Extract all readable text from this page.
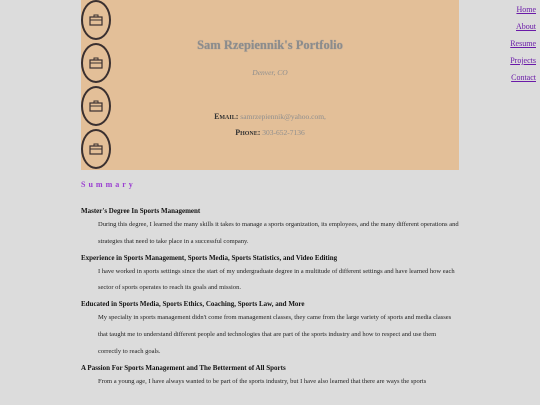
Sam Rzepiennik's Portfolio
Denver, CO
Email: samrzepiennik@yahoo.com,
Phone: 303-652-7136
Home
About
Resume
Projects
Contact
Summary
Master's Degree In Sports Management
During this degree, I learned the many skills it takes to manage a sports organization, its employees, and the many different operations and strategies that need to take place in a successful company.
Experience in Sports Management, Sports Media, Sports Statistics, and Video Editing
I have worked in sports settings since the start of my undergraduate degree in a multitude of different settings and have learned how each sector of sports operates to reach its goals and mission.
Educated in Sports Media, Sports Ethics, Coaching, Sports Law, and More
My specialty in sports management didn't come from management classes, they came from the large variety of sports and media classes that taught me to understand different people and technologies that are part of the sports industry and how to respect and use them correctly to reach goals.
A Passion For Sports Management and The Betterment of All Sports
From a young age, I have always wanted to be part of the sports industry, but I have also learned that there are ways the sports
